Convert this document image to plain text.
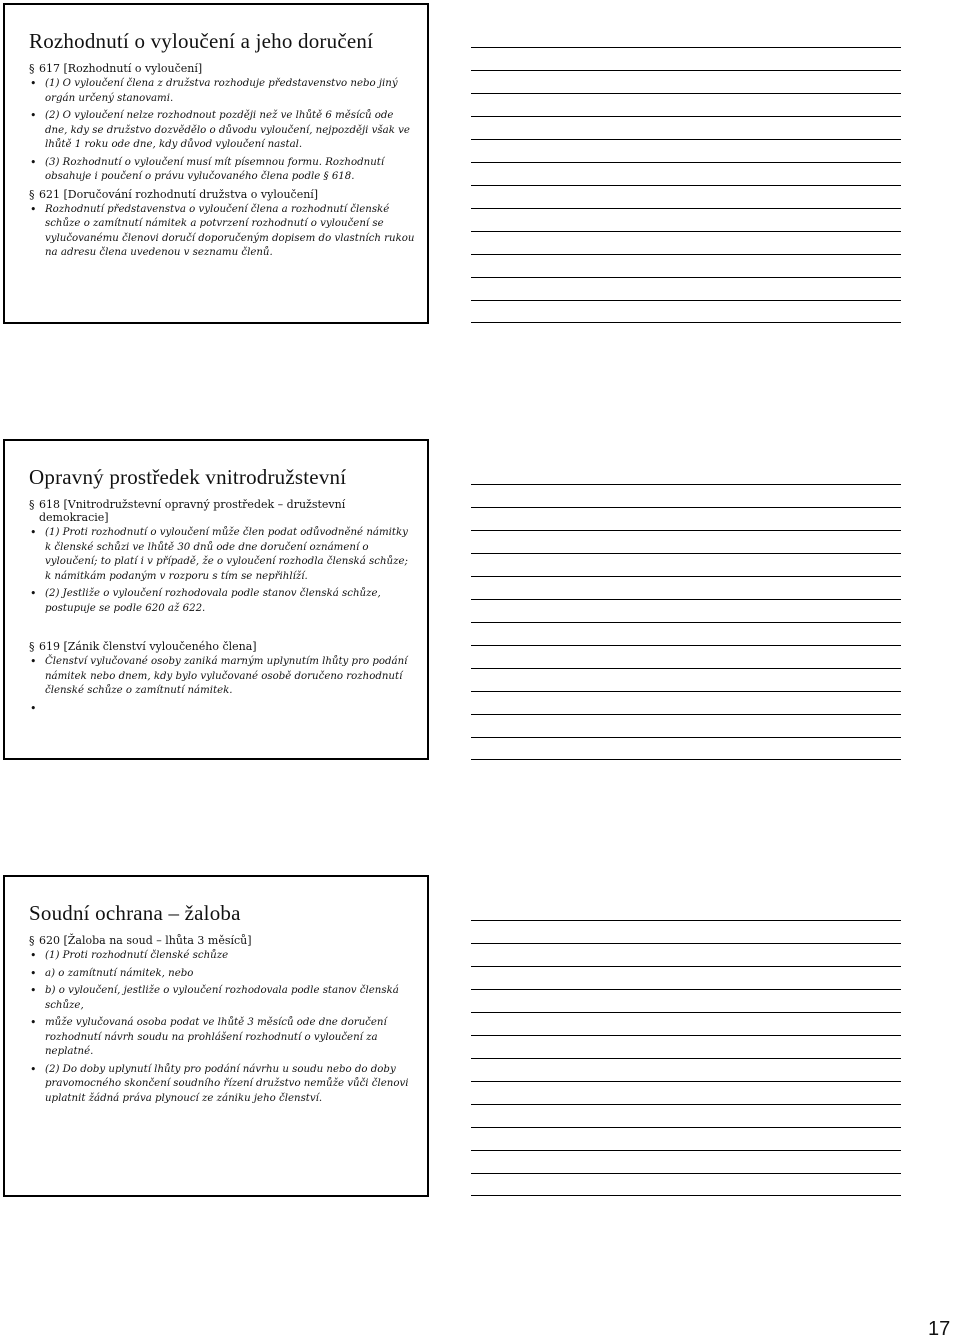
Rozhodnutí o vyloučení a jeho doručení
§ 617 [Rozhodnutí o vyloučení]
• (1) O vyloučení člena z družstva rozhoduje představenstvo nebo jiný orgán určený stanovami.
• (2) O vyloučení nelze rozhodnout později než ve lhůtě 6 měsíců ode dne, kdy se družstvo dozvědělo o důvodu vyloučení, nejpozději však ve lhůtě 1 roku ode dne, kdy důvod vyloučení nastal.
• (3) Rozhodnutí o vyloučení musí mít písemnou formu. Rozhodnutí obsahuje i poučení o právu vylučovaného člena podle § 618.
§ 621 [Doručování rozhodnutí družstva o vyloučení]
• Rozhodnutí představenstva o vyloučení člena a rozhodnutí členské schůze o zamítnutí námitek a potvrzení rozhodnutí o vyloučení se vylučovanému členovi doručí doporučeným dopisem do vlastních rukou na adresu člena uvedenou v seznamu členů.
Opravný prostředek vnitrodružstevní
§ 618 [Vnitrodružstevní opravný prostředek – družstevní demokracie]
• (1) Proti rozhodnutí o vyloučení může člen podat odůvodněné námitky k členské schůzi ve lhůtě 30 dnů ode dne doručení oznámení o vyloučení; to platí i v případě, že o vyloučení rozhodla členská schůze; k námitkám podaným v rozporu s tím se nepřihlíží.
• (2) Jestliže o vyloučení rozhodovala podle stanov členská schůze, postupuje se podle 620 až 622.
§ 619 [Zánik členství vyloučeného člena]
• Členství vylučované osoby zaniká marným uplynutím lhůty pro podání námitek nebo dnem, kdy bylo vylučované osobě doručeno rozhodnutí členské schůze o zamítnutí námitek.
•
Soudní ochrana – žaloba
§ 620 [Žaloba na soud – lhůta 3 měsíců]
• (1) Proti rozhodnutí členské schůze
• a) o zamítnutí námitek, nebo
• b) o vyloučení, jestliže o vyloučení rozhodovala podle stanov členská schůze,
• může vylučovaná osoba podat ve lhůtě 3 měsíců ode dne doručení rozhodnutí návrh soudu na prohlášení rozhodnutí o vyloučení za neplatné.
• (2) Do doby uplynutí lhůty pro podání návrhu u soudu nebo do doby pravomocného skončení soudního řízení družstvo nemůže vůči členovi uplatnit žádná práva plynoucí ze zániku jeho členství.
17
